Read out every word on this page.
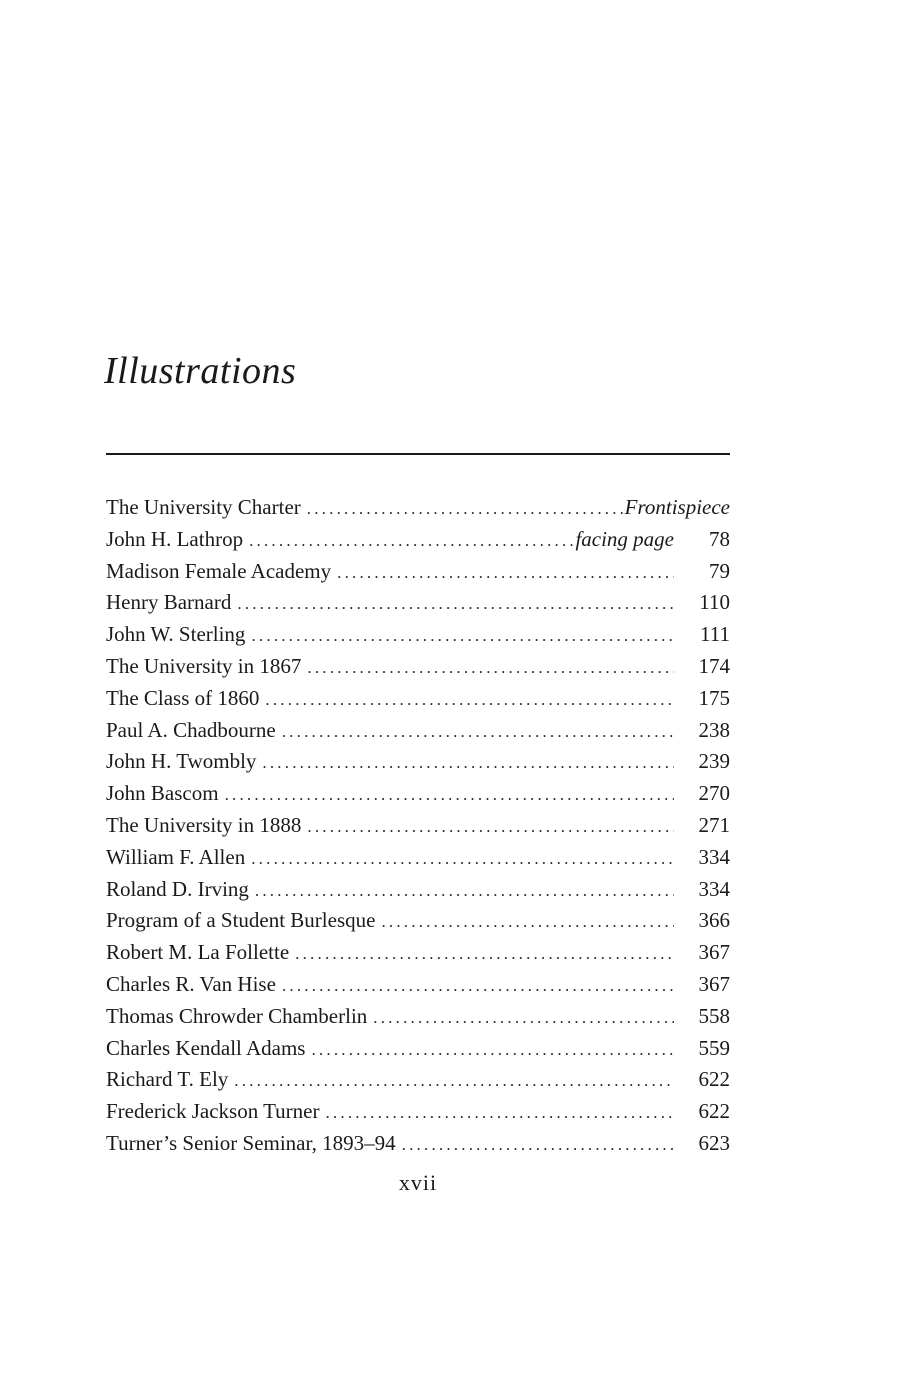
Illustrations
The University Charter .....	Frontispiece
John H. Lathrop .....	facing page	78
Madison Female Academy .....	79
Henry Barnard .....	110
John W. Sterling .....	111
The University in 1867 .....	174
The Class of 1860 .....	175
Paul A. Chadbourne .....	238
John H. Twombly .....	239
John Bascom .....	270
The University in 1888 .....	271
William F. Allen .....	334
Roland D. Irving .....	334
Program of a Student Burlesque .....	366
Robert M. La Follette .....	367
Charles R. Van Hise .....	367
Thomas Chrowder Chamberlin .....	558
Charles Kendall Adams .....	559
Richard T. Ely .....	622
Frederick Jackson Turner .....	622
Turner’s Senior Seminar, 1893–94 .....	623
xvii
